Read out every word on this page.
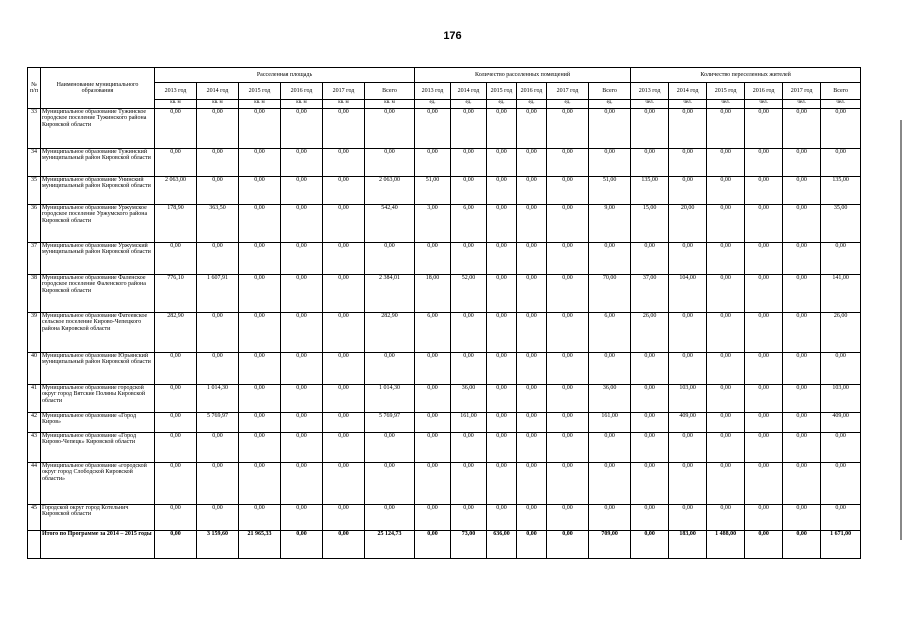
176
№ п/п	Наименование муниципального образования	Расселенная площадь						Количество расселенных помещений						Количество переселенных жителей					
		2013 год	2014 год	2015 год	2016 год	2017 год	Всего	2013 год	2014 год	2015 год	2016 год	2017 год	Всего	2013 год	2014 год	2015 год	2016 год	2017 год	Всего
		кв. м	кв. м	кв. м	кв. м	кв. м	кв. м	ед.	ед.	ед.	ед.	ед.	ед.	чел.	чел.	чел.	чел.	чел.	чел.
33	Муниципальное образование Тужинское городское поселение Тужинского района Кировской области	0,00	0,00	0,00	0,00	0,00	0,00	0,00	0,00	0,00	0,00	0,00	0,00	0,00	0,00	0,00	0,00	0,00	0,00
34	Муниципальное образование Тужинский муниципальный район Кировской области	0,00	0,00	0,00	0,00	0,00	0,00	0,00	0,00	0,00	0,00	0,00	0,00	0,00	0,00	0,00	0,00	0,00	0,00
35	Муниципальное образование Унинский муниципальный район Кировской области	2 063,00	0,00	0,00	0,00	0,00	2 063,00	51,00	0,00	0,00	0,00	0,00	51,00	135,00	0,00	0,00	0,00	0,00	135,00
36	Муниципальное образование Уржумское городское поселение Уржумского района Кировской области	178,90	363,50	0,00	0,00	0,00	542,40	3,00	6,00	0,00	0,00	0,00	9,00	15,00	20,00	0,00	0,00	0,00	35,00
37	Муниципальное образование Уржумский муниципальный район Кировской области	0,00	0,00	0,00	0,00	0,00	0,00	0,00	0,00	0,00	0,00	0,00	0,00	0,00	0,00	0,00	0,00	0,00	0,00
38	Муниципальное образование Фаленское городское поселение Фаленского района Кировской области	776,10	1 607,91	0,00	0,00	0,00	2 384,01	18,00	52,00	0,00	0,00	0,00	70,00	37,00	104,00	0,00	0,00	0,00	141,00
39	Муниципальное образование Фатеевское сельское поселение Кирово-Чепецкого района Кировской области	282,90	0,00	0,00	0,00	0,00	282,90	6,00	0,00	0,00	0,00	0,00	6,00	26,00	0,00	0,00	0,00	0,00	26,00
40	Муниципальное образование Юрьянский муниципальный район Кировской области	0,00	0,00	0,00	0,00	0,00	0,00	0,00	0,00	0,00	0,00	0,00	0,00	0,00	0,00	0,00	0,00	0,00	0,00
41	Муниципальное образование городской округ город Вятские Поляны Кировской области	0,00	1 014,30	0,00	0,00	0,00	1 014,30	0,00	36,00	0,00	0,00	0,00	36,00	0,00	103,00	0,00	0,00	0,00	103,00
42	Муниципальное образование «Город Киров»	0,00	5 769,97	0,00	0,00	0,00	5 769,97	0,00	161,00	0,00	0,00	0,00	161,00	0,00	409,00	0,00	0,00	0,00	409,00
43	Муниципальное образование «Город Кирово-Чепецк» Кировской области	0,00	0,00	0,00	0,00	0,00	0,00	0,00	0,00	0,00	0,00	0,00	0,00	0,00	0,00	0,00	0,00	0,00	0,00
44	Муниципальное образование «городской округ город Слободской Кировской области»	0,00	0,00	0,00	0,00	0,00	0,00	0,00	0,00	0,00	0,00	0,00	0,00	0,00	0,00	0,00	0,00	0,00	0,00
45	Городской округ город Котельнич Кировской области	0,00	0,00	0,00	0,00	0,00	0,00	0,00	0,00	0,00	0,00	0,00	0,00	0,00	0,00	0,00	0,00	0,00	0,00
	Итого по Программе за 2014 – 2015 годы	0,00	3 159,60	21 965,33	0,00	0,00	25 124,73	0,00	73,00	636,00	0,00	0,00	709,00	0,00	183,00	1 488,00	0,00	0,00	1 671,00
